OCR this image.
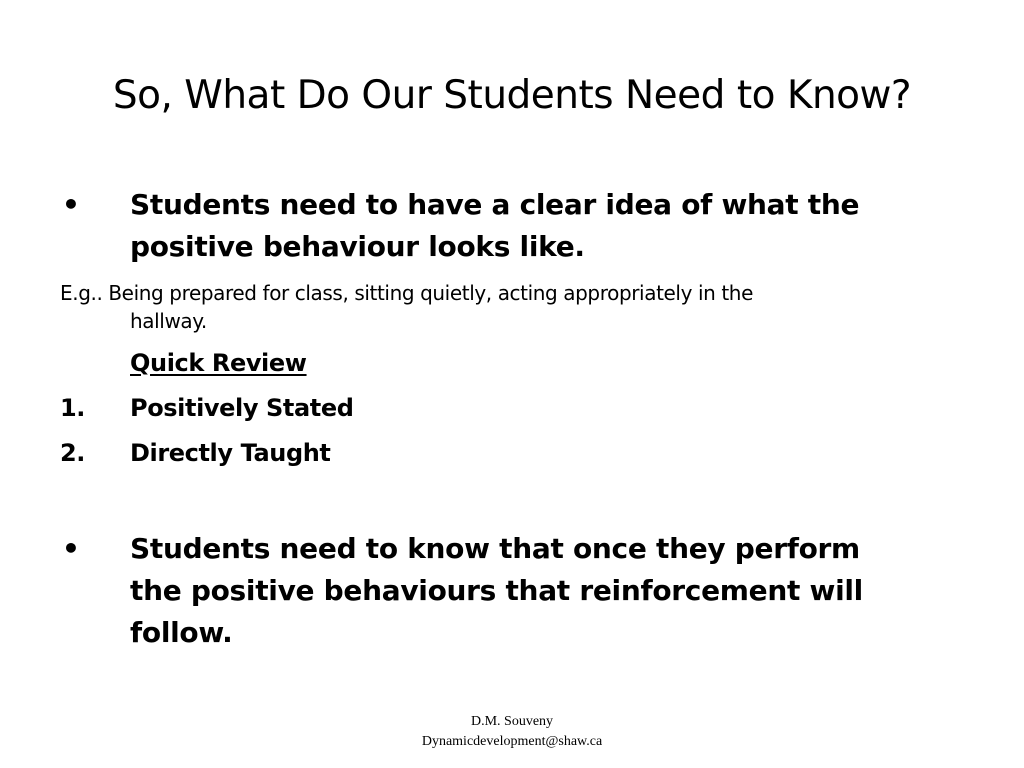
So, What Do Our Students Need to Know?
• Students need to have a clear idea of what the
positive behaviour looks like.
E.g.. Being prepared for class, sitting quietly, acting appropriately in the
hallway.
Quick Review
1. Positively Stated
2. Directly Taught
• Students need to know that once they perform
the positive behaviours that reinforcement will
follow.
D.M. Souveny
Dynamicdevelopment@shaw.ca
